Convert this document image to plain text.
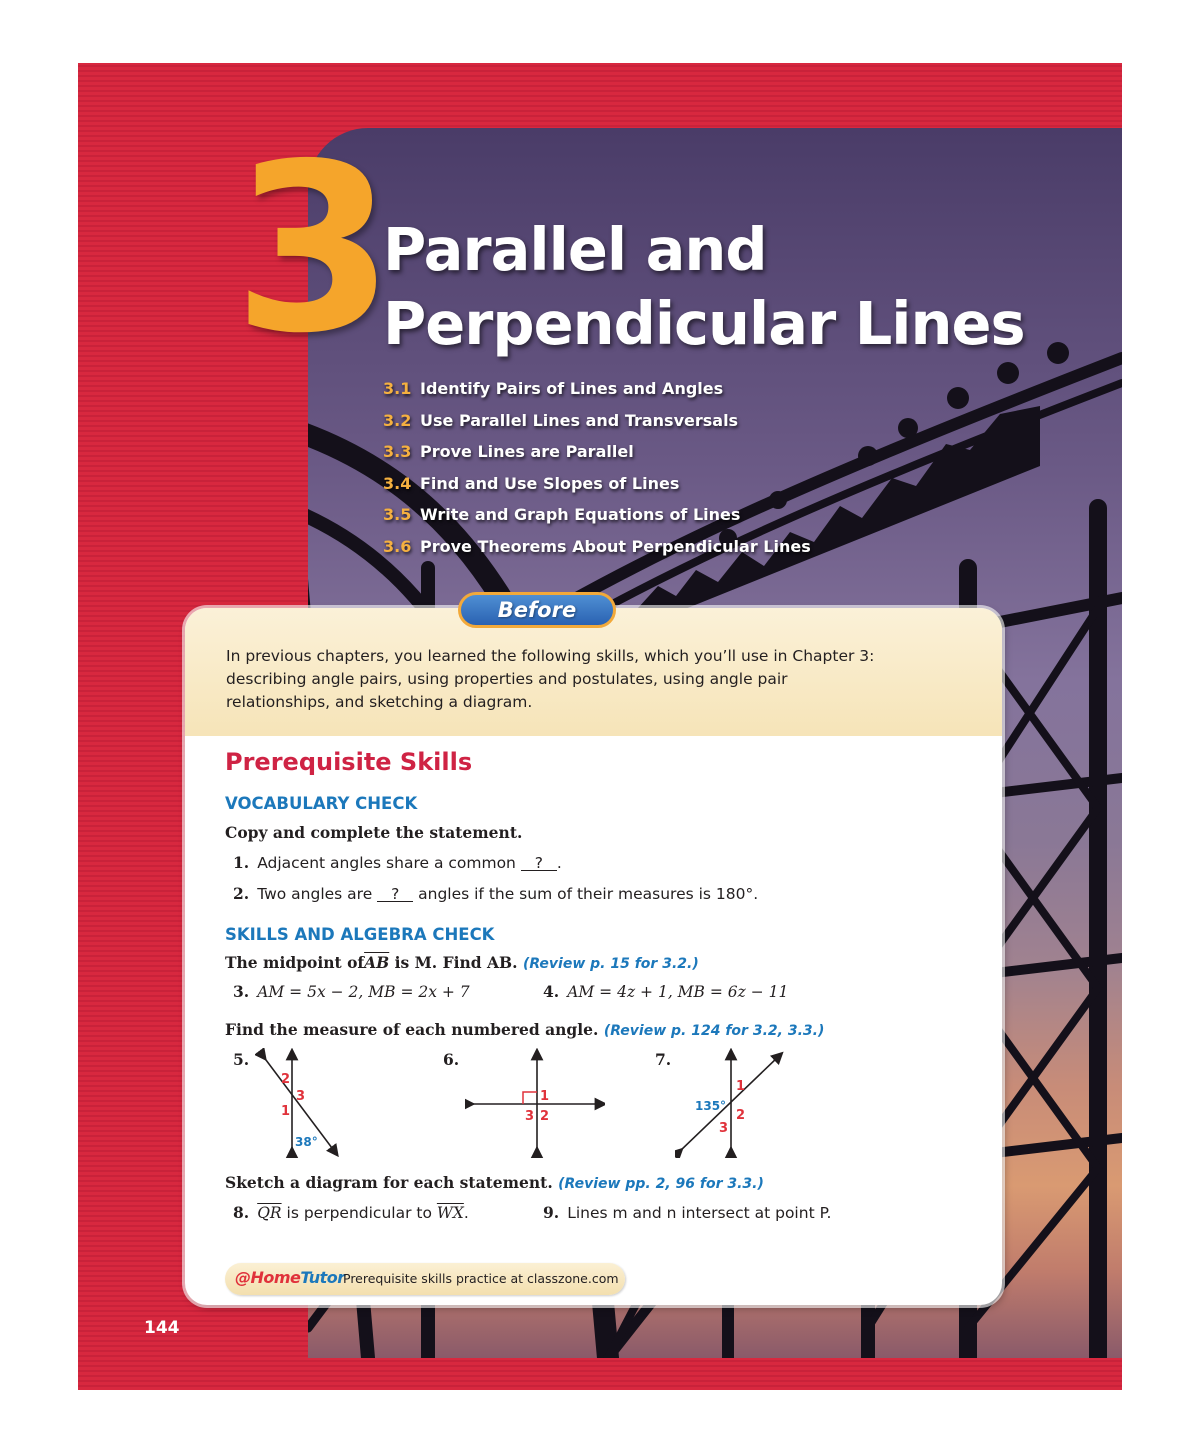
3
Parallel and
Perpendicular Lines
3.1 Identify Pairs of Lines and Angles
3.2 Use Parallel Lines and Transversals
3.3 Prove Lines are Parallel
3.4 Find and Use Slopes of Lines
3.5 Write and Graph Equations of Lines
3.6 Prove Theorems About Perpendicular Lines

In previous chapters, you learned the following skills, which you’ll use in Chapter 3: describing angle pairs, using properties and postulates, using angle pair relationships, and sketching a diagram.

Prerequisite Skills
VOCABULARY CHECK

Copy and complete the statement.

1. Adjacent angles share a common ? .
2. Two angles are ? angles if the sum of their measures is 180°.
SKILLS AND ALGEBRA CHECK

The midpoint $of\overline{AB}$ is M. Find AB. (Review p. 15 for 3.2.)

3. AM = 5x − 2, MB = 2x + 7	4. AM = 4z + 1, MB = 6z − 11

Find the measure of each numbered angle. (Review p. 124 for 3.2, 3.3.)

5.
2
3
1
38°
6.
1
3 2
7.
1
2
3
135°

Sketch a diagram for each statement. (Review pp. 2, 96 for 3.3.)

8. $\overline{QR}$ is perpendicular to $\overline{WX}$.	9. Lines m and n intersect at point P.
@HomeTutor
Prerequisite skills practice at classzone.com
Before

144
